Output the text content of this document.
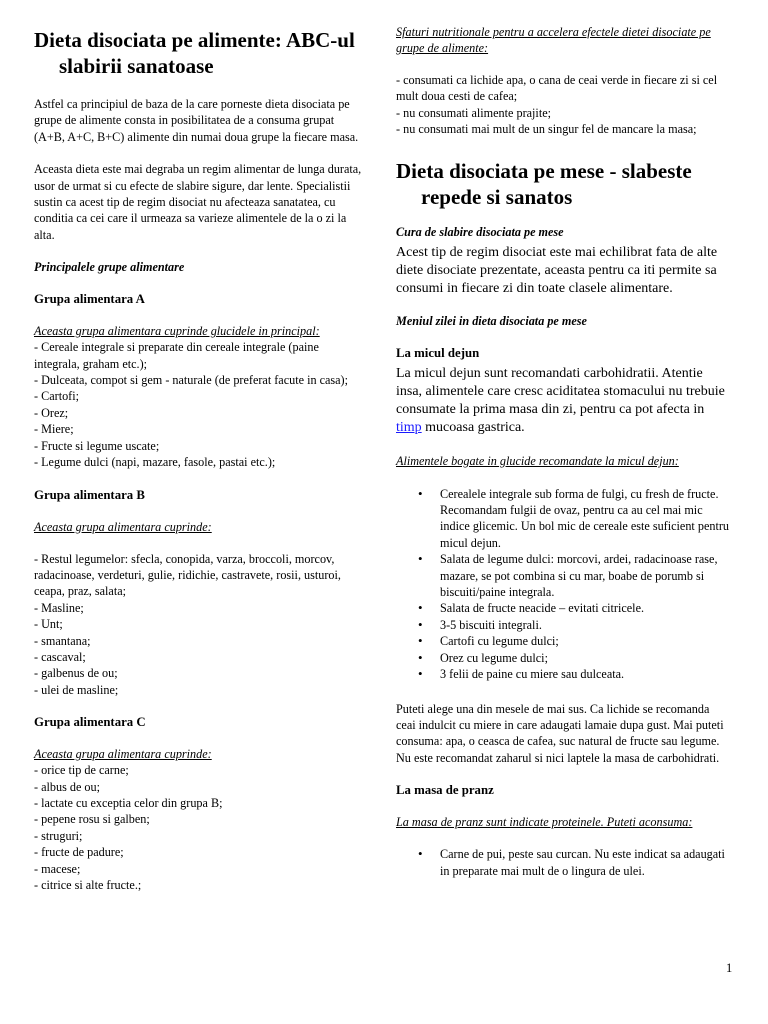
Dieta disociata pe alimente: ABC-ul slabirii sanatoase

Astfel ca principiul de baza de la care porneste dieta disociata pe grupe de alimente consta in posibilitatea de a consuma grupat (A+B, A+C, B+C) alimente din numai doua grupe la fiecare masa.

Aceasta dieta este mai degraba un regim alimentar de lunga durata, usor de urmat si cu efecte de slabire sigure, dar lente. Specialistii sustin ca acest tip de regim disociat nu afecteaza sanatatea, cu conditia ca cei care il urmeaza sa varieze alimentele de la o zi la alta.

Principalele grupe alimentare

Grupa alimentara A

Aceasta grupa alimentara cuprinde glucidele in principal:

- Cereale integrale si preparate din cereale integrale (paine integrala, graham etc.);

- Dulceata, compot si gem - naturale (de preferat facute in casa);

- Cartofi;

- Orez;

- Miere;

- Fructe si legume uscate;

- Legume dulci (napi, mazare, fasole, pastai etc.);

Grupa alimentara B

Aceasta grupa alimentara cuprinde:

- Restul legumelor: sfecla, conopida, varza, broccoli, morcov, radacinoase, verdeturi, gulie, ridichie, castravete, rosii, usturoi, ceapa, praz, salata;

- Masline;

- Unt;

- smantana;

- cascaval;

- galbenus de ou;

- ulei de masline;

Grupa alimentara C

Aceasta grupa alimentara cuprinde:

- orice tip de carne;

- albus de ou;

- lactate cu exceptia celor din grupa B;

- pepene rosu si galben;

- struguri;

- fructe de padure;

- macese;

- citrice si alte fructe.;

Sfaturi nutritionale pentru a accelera efectele dietei disociate pe grupe de alimente:

- consumati ca lichide apa, o cana de ceai verde in fiecare zi si cel mult doua cesti de cafea;

- nu consumati alimente prajite;

- nu consumati mai mult de un singur fel de mancare la masa;

Dieta disociata pe mese - slabeste repede si sanatos

Cura de slabire disociata pe mese

Acest tip de regim disociat este mai echilibrat fata de alte diete disociate prezentate, aceasta pentru ca iti permite sa consumi in fiecare zi din toate clasele alimentare.

Meniul zilei in dieta disociata pe mese

La micul dejun

La micul dejun sunt recomandati carbohidratii. Atentie insa, alimentele care cresc aciditatea stomacului nu trebuie consumate la prima masa din zi, pentru ca pot afecta in timp mucoasa gastrica.

Alimentele bogate in glucide recomandate la micul dejun:

• Cerealele integrale sub forma de fulgi, cu fresh de fructe. Recomandam fulgii de ovaz, pentru ca au cel mai mic indice glicemic. Un bol mic de cereale este suficient pentru micul dejun.
• Salata de legume dulci: morcovi, ardei, radacinoase rase, mazare, se pot combina si cu mar, boabe de porumb si biscuiti/paine integrala.
• Salata de fructe neacide – evitati citricele.
• 3-5 biscuiti integrali.
• Cartofi cu legume dulci;
• Orez cu legume dulci;
• 3 felii de paine cu miere sau dulceata.

Puteti alege una din mesele de mai sus. Ca lichide se recomanda ceai indulcit cu miere in care adaugati lamaie dupa gust. Mai puteti consuma: apa, o ceasca de cafea, suc natural de fructe sau legume. Nu este recomandat zaharul si nici laptele la masa de carbohidrati.

La masa de pranz

La masa de pranz sunt indicate proteinele. Puteti aconsuma:

• Carne de pui, peste sau curcan. Nu este indicat sa adaugati in preparate mai mult de o lingura de ulei.
1
